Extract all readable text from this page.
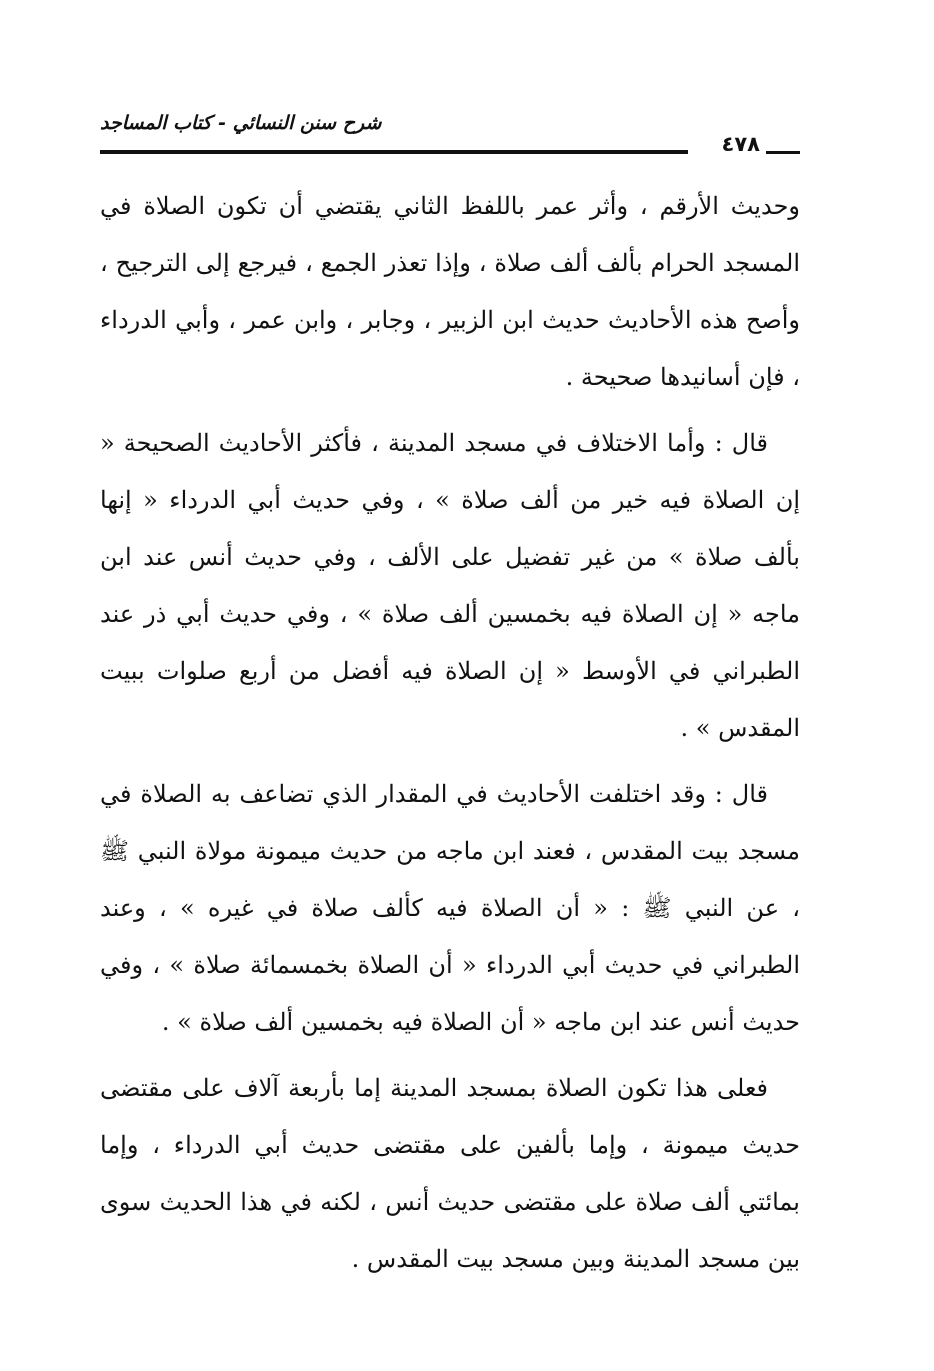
شرح سنن النسائي - كتاب المساجد
٤٧٨

وحديث الأرقم ، وأثر عمر باللفظ الثاني يقتضي أن تكون الصلاة في المسجد الحرام بألف ألف صلاة ، وإذا تعذر الجمع ، فيرجع إلى الترجيح ، وأصح هذه الأحاديث حديث ابن الزبير ، وجابر ، وابن عمر ، وأبي الدرداء ، فإن أسانيدها صحيحة .

قال : وأما الاختلاف في مسجد المدينة ، فأكثر الأحاديث الصحيحة « إن الصلاة فيه خير من ألف صلاة » ، وفي حديث أبي الدرداء « إنها بألف صلاة » من غير تفضيل على الألف ، وفي حديث أنس عند ابن ماجه « إن الصلاة فيه بخمسين ألف صلاة » ، وفي حديث أبي ذر عند الطبراني في الأوسط « إن الصلاة فيه أفضل من أربع صلوات ببيت المقدس » .

قال : وقد اختلفت الأحاديث في المقدار الذي تضاعف به الصلاة في مسجد بيت المقدس ، فعند ابن ماجه من حديث ميمونة مولاة النبي ﷺ ، عن النبي ﷺ : « أن الصلاة فيه كألف صلاة في غيره » ، وعند الطبراني في حديث أبي الدرداء « أن الصلاة بخمسمائة صلاة » ، وفي حديث أنس عند ابن ماجه « أن الصلاة فيه بخمسين ألف صلاة » .

فعلى هذا تكون الصلاة بمسجد المدينة إما بأربعة آلاف على مقتضى حديث ميمونة ، وإما بألفين على مقتضى حديث أبي الدرداء ، وإما بمائتي ألف صلاة على مقتضى حديث أنس ، لكنه في هذا الحديث سوى بين مسجد المدينة وبين مسجد بيت المقدس .
